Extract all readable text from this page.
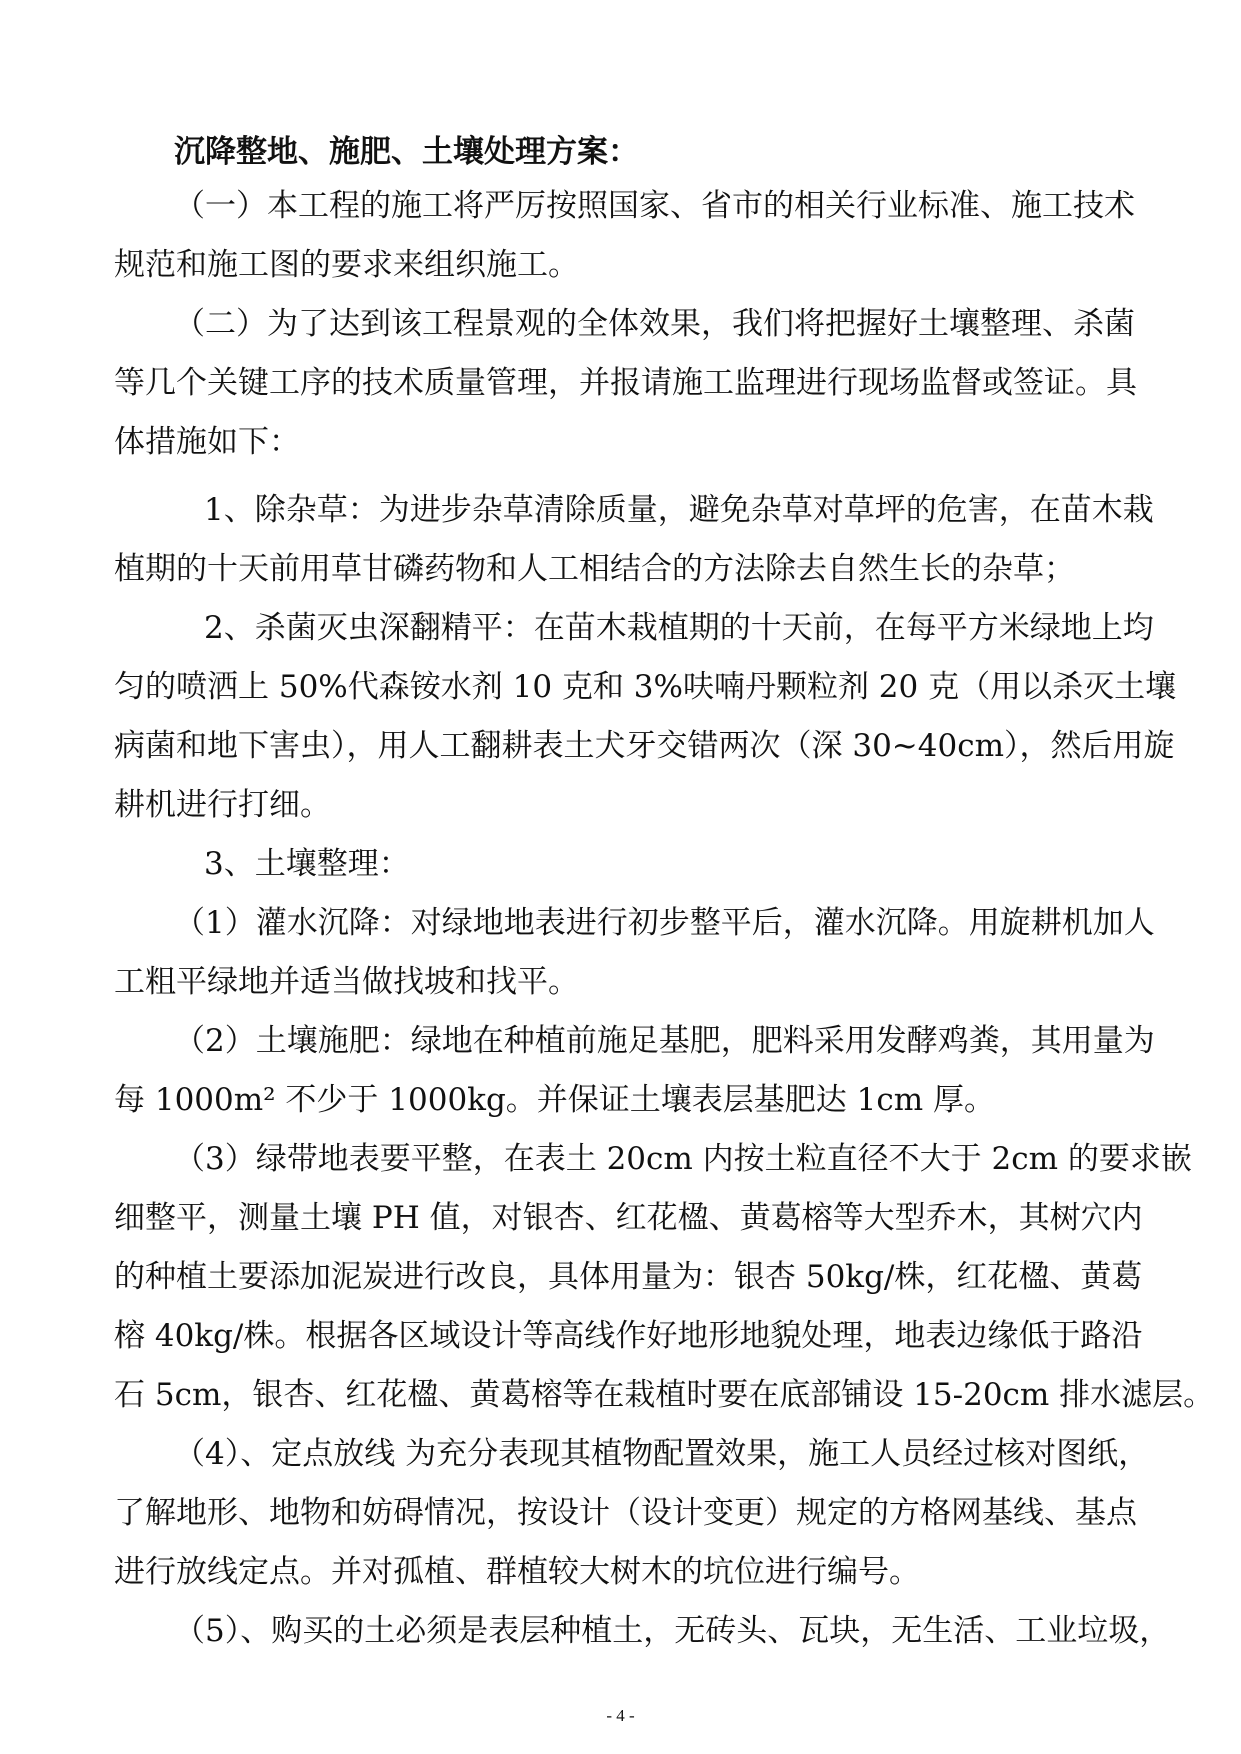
沉降整地、施肥、土壤处理方案：
（一）本工程的施工将严厉按照国家、省市的相关行业标准、施工技术
规范和施工图的要求来组织施工。
（二）为了达到该工程景观的全体效果，我们将把握好土壤整理、杀菌
等几个关键工序的技术质量管理，并报请施工监理进行现场监督或签证。具
体措施如下：
1、除杂草：为进步杂草清除质量，避免杂草对草坪的危害，在苗木栽
植期的十天前用草甘磷药物和人工相结合的方法除去自然生长的杂草；
2、杀菌灭虫深翻精平：在苗木栽植期的十天前，在每平方米绿地上均
匀的喷洒上 50%代森铵水剂 10 克和 3%呋喃丹颗粒剂 20 克（用以杀灭土壤
病菌和地下害虫），用人工翻耕表土犬牙交错两次（深 30~40cm），然后用旋
耕机进行打细。
3、土壤整理：
（1）灌水沉降：对绿地地表进行初步整平后，灌水沉降。用旋耕机加人
工粗平绿地并适当做找坡和找平。
（2）土壤施肥：绿地在种植前施足基肥，肥料采用发酵鸡粪，其用量为
每 1000m² 不少于 1000kg。并保证土壤表层基肥达 1cm 厚。
（3）绿带地表要平整，在表土 20cm 内按土粒直径不大于 2cm 的要求嵌
细整平，测量土壤 PH 值，对银杏、红花楹、黄葛榕等大型乔木，其树穴内
的种植土要添加泥炭进行改良，具体用量为：银杏 50kg/株，红花楹、黄葛
榕 40kg/株。根据各区域设计等高线作好地形地貌处理，地表边缘低于路沿
石 5cm，银杏、红花楹、黄葛榕等在栽植时要在底部铺设 15-20cm 排水滤层。
（4）、定点放线 为充分表现其植物配置效果，施工人员经过核对图纸，
了解地形、地物和妨碍情况，按设计（设计变更）规定的方格网基线、基点
进行放线定点。并对孤植、群植较大树木的坑位进行编号。
（5）、购买的土必须是表层种植土，无砖头、瓦块，无生活、工业垃圾，
- 4 -
